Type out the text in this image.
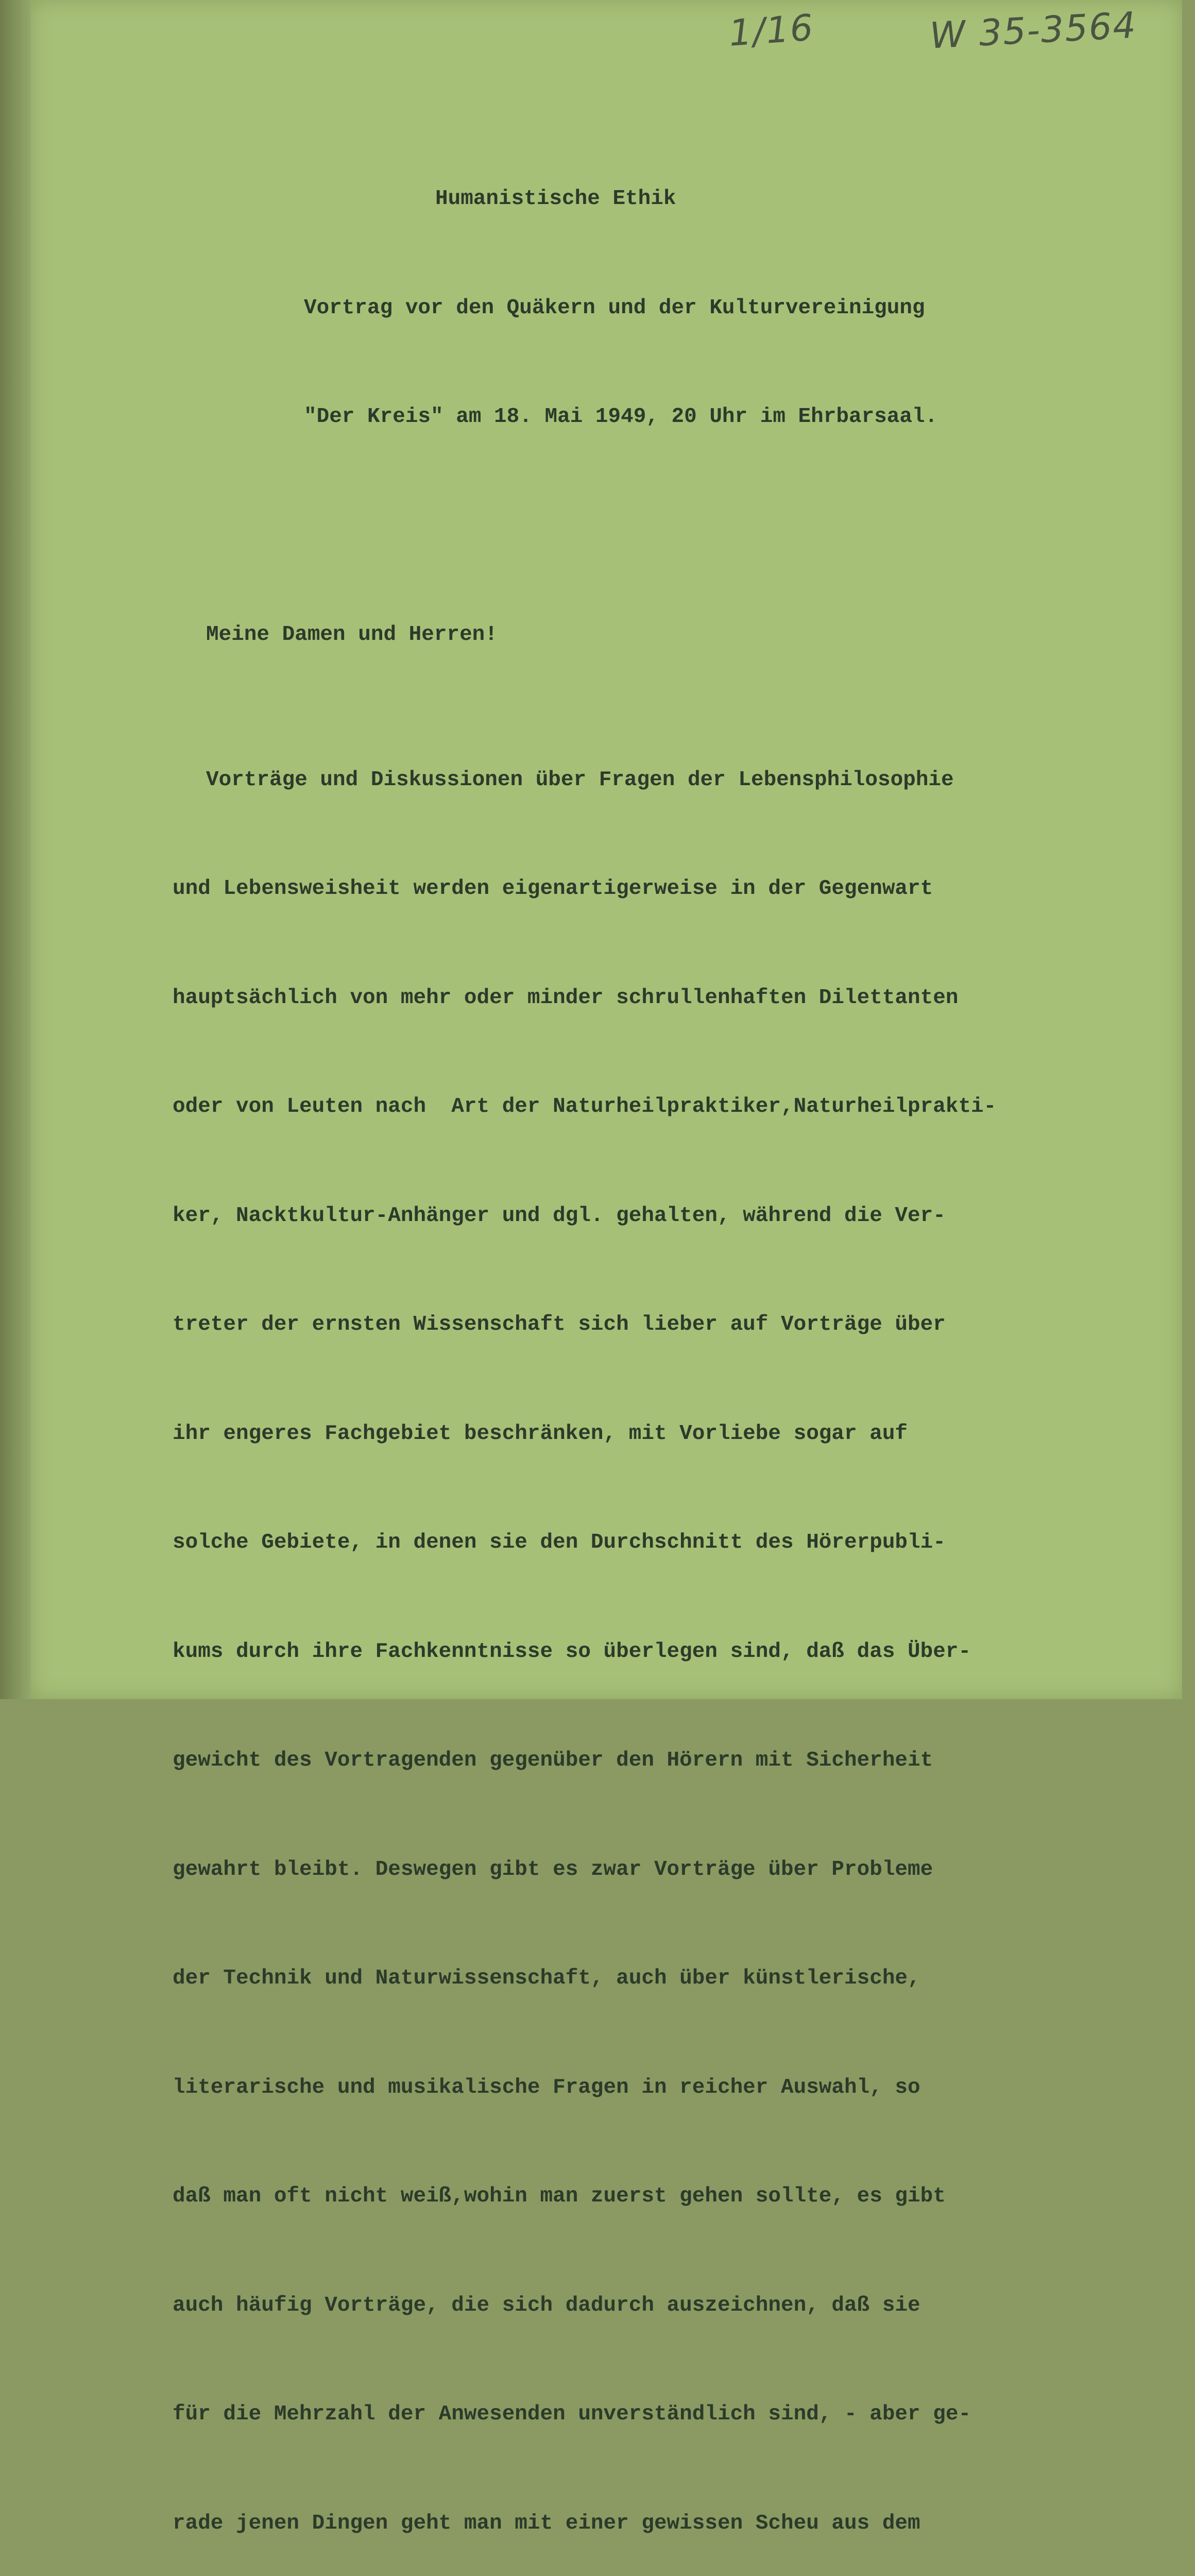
1/16	W 35-3564

Humanistische Ethik

Vortrag vor den Quäkern und der Kulturvereinigung

"Der Kreis" am 18. Mai 1949, 20 Uhr im Ehrbarsaal.

Meine Damen und Herren!

Vorträge und Diskussionen über Fragen der Lebensphilosophie

und Lebensweisheit werden eigenartigerweise in der Gegenwart

hauptsächlich von mehr oder minder schrullenhaften Dilettanten

oder von Leuten nach  Art der Naturheilpraktiker,Naturheilprakti-

ker, Nacktkultur-Anhänger und dgl. gehalten, während die Ver-

treter der ernsten Wissenschaft sich lieber auf Vorträge über

ihr engeres Fachgebiet beschränken, mit Vorliebe sogar auf

solche Gebiete, in denen sie den Durchschnitt des Hörerpubli-

kums durch ihre Fachkenntnisse so überlegen sind, daß das Über-

gewicht des Vortragenden gegenüber den Hörern mit Sicherheit

gewahrt bleibt. Deswegen gibt es zwar Vorträge über Probleme

der Technik und Naturwissenschaft, auch über künstlerische,

literarische und musikalische Fragen in reicher Auswahl, so

daß man oft nicht weiß,wohin man zuerst gehen sollte, es gibt

auch häufig Vorträge, die sich dadurch auszeichnen, daß sie

für die Mehrzahl der Anwesenden unverständlich sind, - aber ge-

rade jenen Dingen geht man mit einer gewissen Scheu aus dem
